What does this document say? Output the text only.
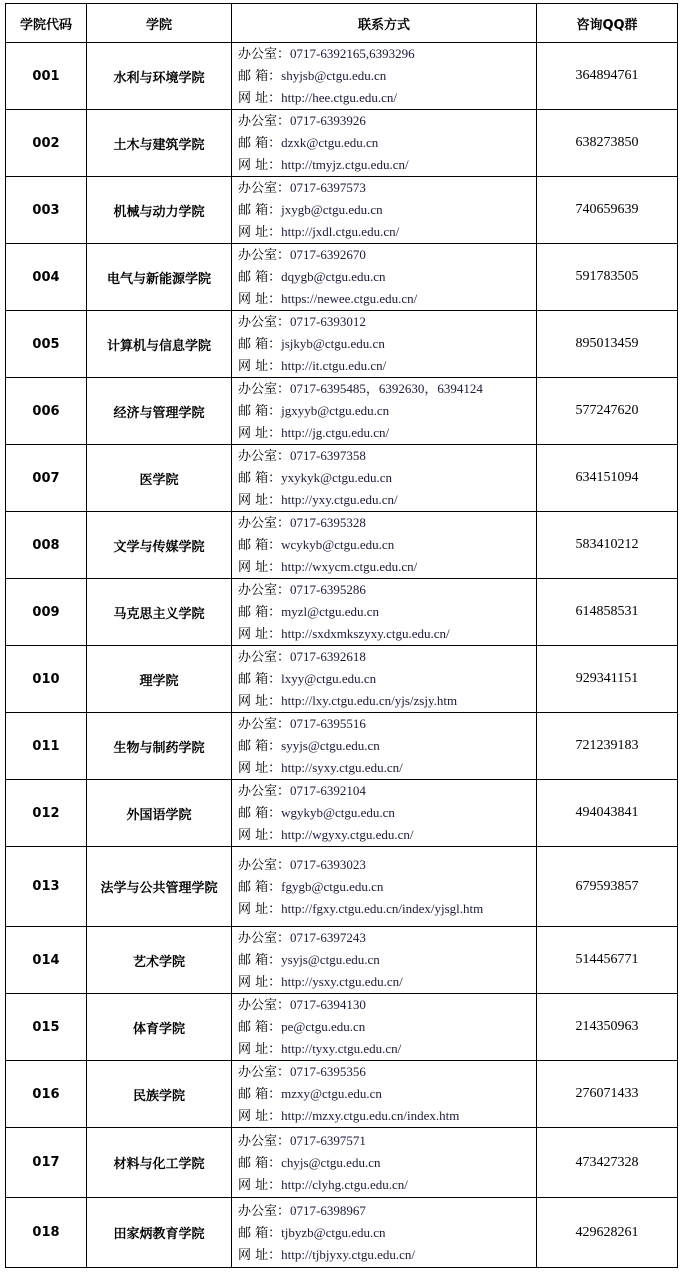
学院代码	学院	联系方式	咨询QQ群
001	水利与环境学院	办公室：0717-6392165,6393296
邮 箱：shyjsb@ctgu.edu.cn
网 址：http://hee.ctgu.edu.cn/	364894761
002	土木与建筑学院	办公室：0717-6393926
邮 箱：dzxk@ctgu.edu.cn
网 址：http://tmyjz.ctgu.edu.cn/	638273850
003	机械与动力学院	办公室：0717-6397573
邮 箱：jxygb@ctgu.edu.cn
网 址：http://jxdl.ctgu.edu.cn/	740659639
004	电气与新能源学院	办公室：0717-6392670
邮 箱：dqygb@ctgu.edu.cn
网 址：https://newee.ctgu.edu.cn/	591783505
005	计算机与信息学院	办公室：0717-6393012
邮 箱：jsjkyb@ctgu.edu.cn
网 址：http://it.ctgu.edu.cn/	895013459
006	经济与管理学院	办公室：0717-6395485，6392630，6394124
邮 箱：jgxyyb@ctgu.edu.cn
网 址：http://jg.ctgu.edu.cn/	577247620
007	医学院	办公室：0717-6397358
邮 箱：yxykyk@ctgu.edu.cn
网 址：http://yxy.ctgu.edu.cn/	634151094
008	文学与传媒学院	办公室：0717-6395328
邮 箱：wcykyb@ctgu.edu.cn
网 址：http://wxycm.ctgu.edu.cn/	583410212
009	马克思主义学院	办公室：0717-6395286
邮 箱：myzl@ctgu.edu.cn
网 址：http://sxdxmkszyxy.ctgu.edu.cn/	614858531
010	理学院	办公室：0717-6392618
邮 箱：lxyy@ctgu.edu.cn
网 址：http://lxy.ctgu.edu.cn/yjs/zsjy.htm	929341151
011	生物与制药学院	办公室：0717-6395516
邮 箱：syyjs@ctgu.edu.cn
网 址：http://syxy.ctgu.edu.cn/	721239183
012	外国语学院	办公室：0717-6392104
邮 箱：wgykyb@ctgu.edu.cn
网 址：http://wgyxy.ctgu.edu.cn/	494043841
013	法学与公共管理学院	办公室：0717-6393023
邮 箱：fgygb@ctgu.edu.cn
网 址：http://fgxy.ctgu.edu.cn/index/yjsgl.htm	679593857
014	艺术学院	办公室：0717-6397243
邮 箱：ysyjs@ctgu.edu.cn
网 址：http://ysxy.ctgu.edu.cn/	514456771
015	体育学院	办公室：0717-6394130
邮 箱：pe@ctgu.edu.cn
网 址：http://tyxy.ctgu.edu.cn/	214350963
016	民族学院	办公室：0717-6395356
邮 箱：mzxy@ctgu.edu.cn
网 址：http://mzxy.ctgu.edu.cn/index.htm	276071433
017	材料与化工学院	办公室：0717-6397571
邮 箱：chyjs@ctgu.edu.cn
网 址：http://clyhg.ctgu.edu.cn/	473427328
018	田家炳教育学院	办公室：0717-6398967
邮 箱：tjbyzb@ctgu.edu.cn
网 址：http://tjbjyxy.ctgu.edu.cn/	429628261
